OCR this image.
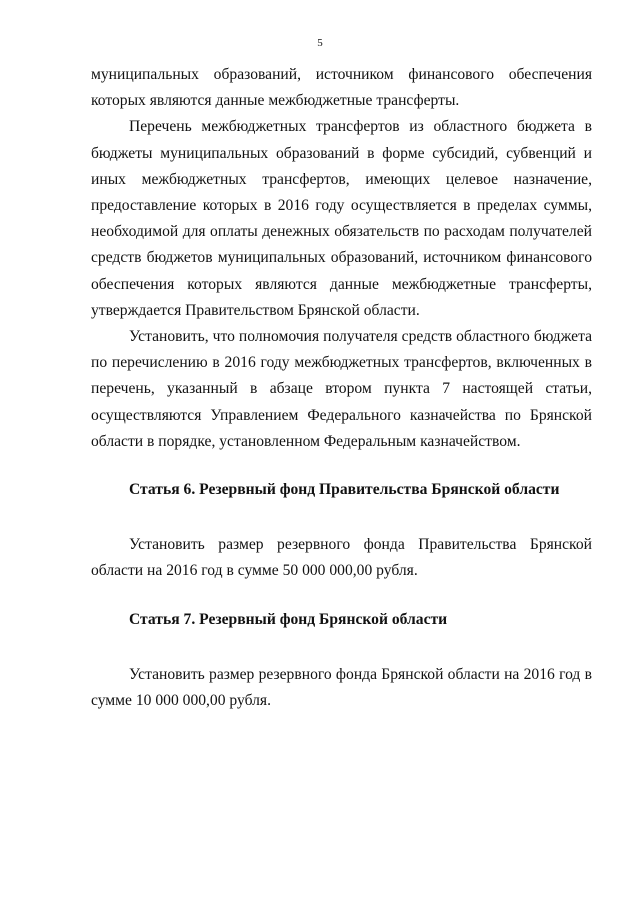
5

муниципальных образований, источником финансового обеспечения которых являются данные межбюджетные трансферты.

Перечень межбюджетных трансфертов из областного бюджета в бюджеты муниципальных образований в форме субсидий, субвенций и иных межбюджетных трансфертов, имеющих целевое назначение, предоставление которых в 2016 году осуществляется в пределах суммы, необходимой для оплаты денежных обязательств по расходам получателей средств бюджетов муниципальных образований, источником финансового обеспечения которых являются данные межбюджетные трансферты, утверждается Правительством Брянской области.

Установить, что полномочия получателя средств областного бюджета по перечислению в 2016 году межбюджетных трансфертов, включенных в перечень, указанный в абзаце втором пункта 7 настоящей статьи, осуществляются Управлением Федерального казначейства по Брянской области в порядке, установленном Федеральным казначейством.

Статья 6. Резервный фонд Правительства Брянской области

Установить размер резервного фонда Правительства Брянской области на 2016 год в сумме 50 000 000,00 рубля.

Статья 7. Резервный фонд Брянской области

Установить размер резервного фонда Брянской области на 2016 год в сумме 10 000 000,00 рубля.
